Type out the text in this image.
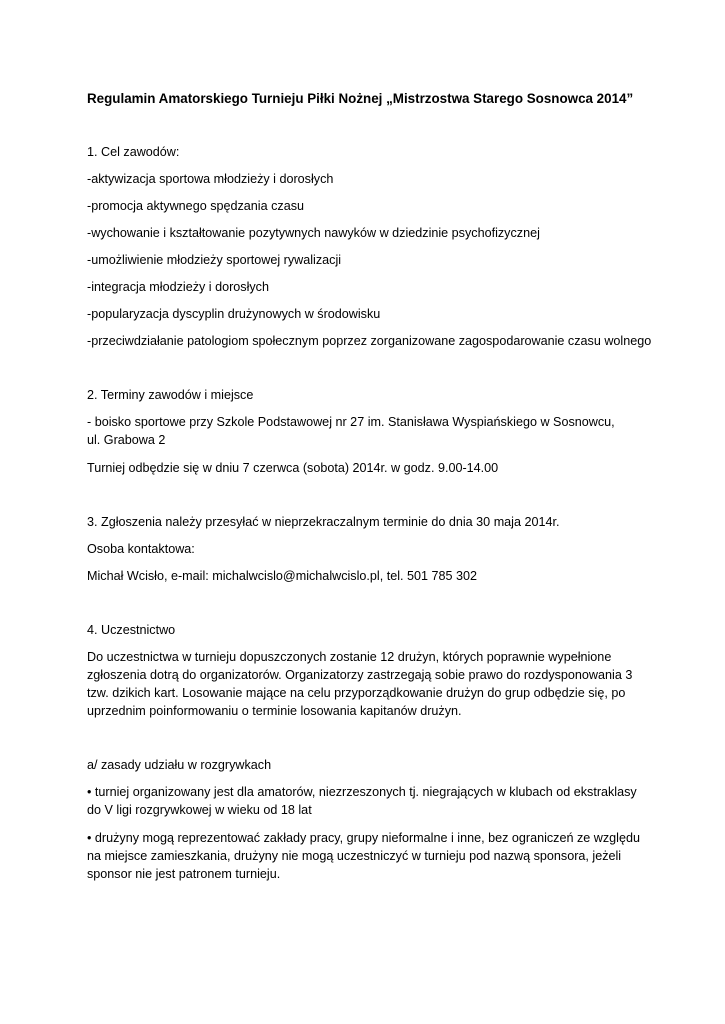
Regulamin Amatorskiego Turnieju Piłki Nożnej „Mistrzostwa Starego Sosnowca 2014”
1. Cel zawodów:
-aktywizacja sportowa młodzieży i dorosłych
-promocja aktywnego spędzania czasu
-wychowanie i kształtowanie pozytywnych nawyków w dziedzinie psychofizycznej
-umożliwienie młodzieży sportowej rywalizacji
-integracja młodzieży i dorosłych
-popularyzacja dyscyplin drużynowych w środowisku
-przeciwdziałanie patologiom społecznym poprzez zorganizowane zagospodarowanie czasu wolnego
2. Terminy zawodów i miejsce
- boisko sportowe przy Szkole Podstawowej nr 27 im. Stanisława Wyspiańskiego w Sosnowcu,
ul. Grabowa 2
Turniej odbędzie się w dniu 7 czerwca (sobota) 2014r. w godz. 9.00-14.00
3. Zgłoszenia należy przesyłać w nieprzekraczalnym terminie do dnia 30 maja 2014r.
Osoba kontaktowa:
Michał Wcisło, e-mail: michalwcislo@michalwcislo.pl, tel. 501 785 302
4. Uczestnictwo
Do uczestnictwa w turnieju dopuszczonych zostanie 12 drużyn, których poprawnie wypełnione
zgłoszenia dotrą do organizatorów. Organizatorzy zastrzegają sobie prawo do rozdysponowania 3
tzw. dzikich kart. Losowanie mające na celu przyporządkowanie drużyn do grup odbędzie się, po
uprzednim poinformowaniu o terminie losowania kapitanów drużyn.
a/ zasady udziału w rozgrywkach
• turniej organizowany jest dla amatorów, niezrzeszonych tj. niegrających w klubach od ekstraklasy
do V ligi rozgrywkowej w wieku od 18 lat
• drużyny mogą reprezentować zakłady pracy, grupy nieformalne i inne, bez ograniczeń ze względu
na miejsce zamieszkania, drużyny nie mogą uczestniczyć w turnieju pod nazwą sponsora, jeżeli
sponsor nie jest patronem turnieju.
